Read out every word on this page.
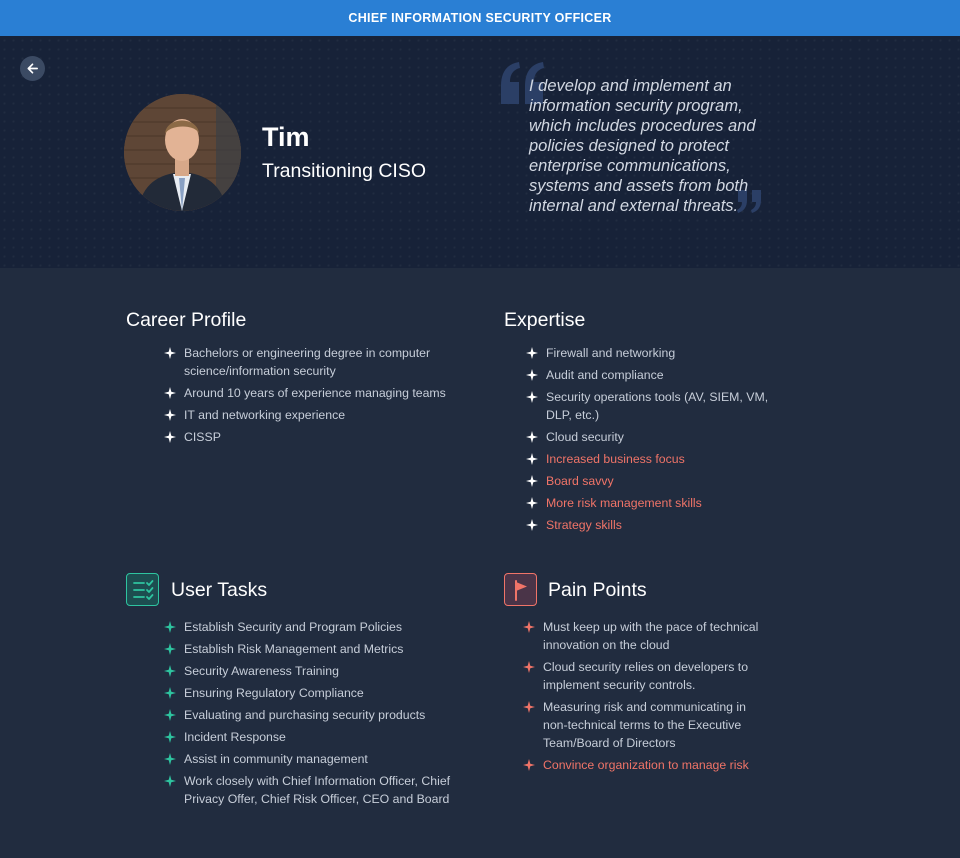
CHIEF INFORMATION SECURITY OFFICER
Tim
Transitioning CISO
I develop and implement an information security program, which includes procedures and policies designed to protect enterprise communications, systems and assets from both internal and external threats.
Career Profile
Bachelors or engineering degree in computer science/information security
Around 10 years of experience managing teams
IT and networking experience
CISSP
Expertise
Firewall and networking
Audit and compliance
Security operations tools (AV, SIEM, VM, DLP, etc.)
Cloud security
Increased business focus
Board savvy
More risk management skills
Strategy skills
User Tasks
Establish Security and Program Policies
Establish Risk Management and Metrics
Security Awareness Training
Ensuring Regulatory Compliance
Evaluating and purchasing security products
Incident Response
Assist in community management
Work closely with Chief Information Officer, Chief Privacy Offer, Chief Risk Officer, CEO and Board
Pain Points
Must keep up with the pace of technical innovation on the cloud
Cloud security relies on developers to implement security controls.
Measuring risk and communicating in non-technical terms to the Executive Team/Board of Directors
Convince organization to manage risk
